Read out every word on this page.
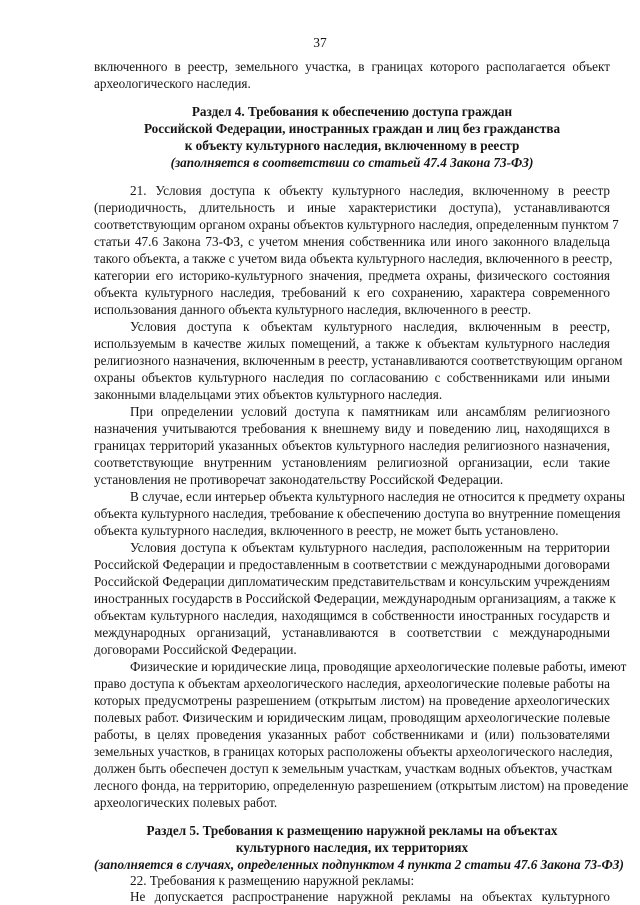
37
включенного в реестр, земельного участка, в границах которого располагается объект
археологического наследия.
Раздел 4. Требования к обеспечению доступа граждан
Российской Федерации, иностранных граждан и лиц без гражданства
к объекту культурного наследия, включенному в реестр
(заполняется в соответствии со статьей 47.4 Закона 73-ФЗ)
21. Условия доступа к объекту культурного наследия, включенному в реестр
(периодичность, длительность и иные характеристики доступа), устанавливаются
соответствующим органом охраны объектов культурного наследия, определенным пунктом 7
статьи 47.6 Закона 73-ФЗ, с учетом мнения собственника или иного законного владельца
такого объекта, а также с учетом вида объекта культурного наследия, включенного в реестр,
категории его историко-культурного значения, предмета охраны, физического состояния
объекта культурного наследия, требований к его сохранению, характера современного
использования данного объекта культурного наследия, включенного в реестр.
Условия доступа к объектам культурного наследия, включенным в реестр,
используемым в качестве жилых помещений, а также к объектам культурного наследия
религиозного назначения, включенным в реестр, устанавливаются соответствующим органом
охраны объектов культурного наследия по согласованию с собственниками или иными
законными владельцами этих объектов культурного наследия.
При определении условий доступа к памятникам или ансамблям религиозного
назначения учитываются требования к внешнему виду и поведению лиц, находящихся в
границах территорий указанных объектов культурного наследия религиозного назначения,
соответствующие внутренним установлениям религиозной организации, если такие
установления не противоречат законодательству Российской Федерации.
В случае, если интерьер объекта культурного наследия не относится к предмету охраны
объекта культурного наследия, требование к обеспечению доступа во внутренние помещения
объекта культурного наследия, включенного в реестр, не может быть установлено.
Условия доступа к объектам культурного наследия, расположенным на территории
Российской Федерации и предоставленным в соответствии с международными договорами
Российской Федерации дипломатическим представительствам и консульским учреждениям
иностранных государств в Российской Федерации, международным организациям, а также к
объектам культурного наследия, находящимся в собственности иностранных государств и
международных организаций, устанавливаются в соответствии с международными
договорами Российской Федерации.
Физические и юридические лица, проводящие археологические полевые работы, имеют
право доступа к объектам археологического наследия, археологические полевые работы на
которых предусмотрены разрешением (открытым листом) на проведение археологических
полевых работ. Физическим и юридическим лицам, проводящим археологические полевые
работы, в целях проведения указанных работ собственниками и (или) пользователями
земельных участков, в границах которых расположены объекты археологического наследия,
должен быть обеспечен доступ к земельным участкам, участкам водных объектов, участкам
лесного фонда, на территорию, определенную разрешением (открытым листом) на проведение
археологических полевых работ.
Раздел 5. Требования к размещению наружной рекламы на объектах
культурного наследия, их территориях
(заполняется в случаях, определенных подпунктом 4 пункта 2 статьи 47.6 Закона 73-ФЗ)
22. Требования к размещению наружной рекламы:
Не допускается распространение наружной рекламы на объектах культурного
